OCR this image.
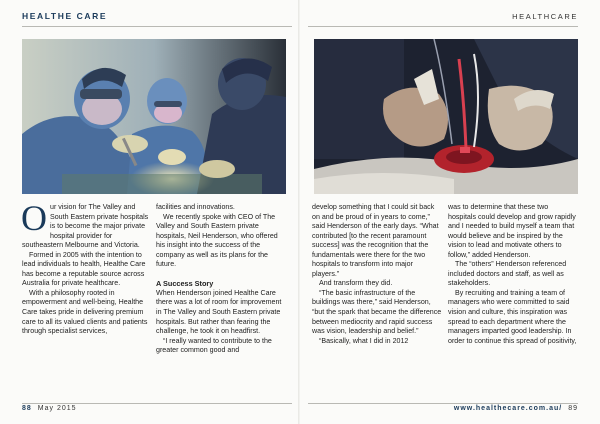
HEALTHE CARE
O ur vision for The Valley and South Eastern private hospitals is to become the major private hospital provider for southeastern Melbourne and Victoria.

Formed in 2005 with the intention to lead individuals to health, Healthe Care has become a reputable source across Australia for private healthcare.

With a philosophy rooted in empowerment and well-being, Healthe Care takes pride in delivering premium care to all its valued clients and patients through specialist services,

facilities and innovations.

We recently spoke with CEO of The Valley and South Eastern private hospitals, Neil Henderson, who offered his insight into the success of the company as well as its plans for the future.

A Success Story

When Henderson joined Healthe Care there was a lot of room for improvement in The Valley and South Eastern private hospitals. But rather than fearing the challenge, he took it on headfirst.

“I really wanted to contribute to the greater common good and

88 May 2015
HEALTHCARE

develop something that I could sit back on and be proud of in years to come,” said Henderson of the early days. “What contributed [to the recent paramount success] was the recognition that the fundamentals were there for the two hospitals to transform into major players.”

And transform they did.

“The basic infrastructure of the buildings was there,” said Henderson, “but the spark that became the difference between mediocrity and rapid success was vision, leadership and belief.”

“Basically, what I did in 2012

was to determine that these two hospitals could develop and grow rapidly and I needed to build myself a team that would believe and be inspired by the vision to lead and motivate others to follow,” added Henderson.

The “others” Henderson referenced included doctors and staff, as well as stakeholders.

By recruiting and training a team of managers who were committed to said vision and culture, this inspiration was spread to each department where the managers imparted good leadership. In order to continue this spread of positivity,

www.healthecare.com.au/ 89
